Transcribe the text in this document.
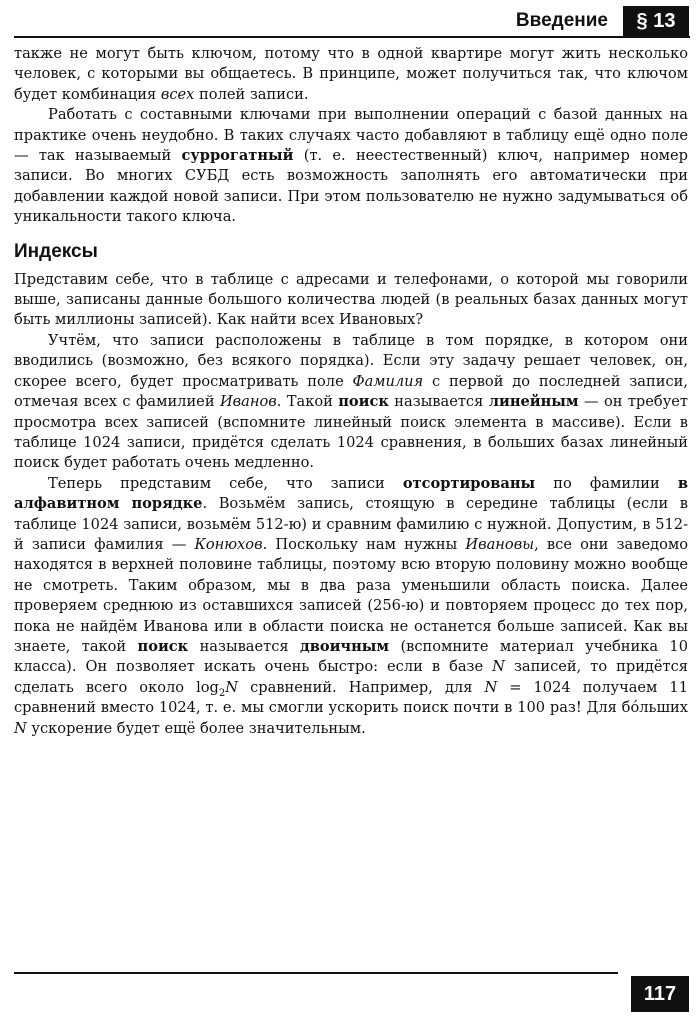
Введение	§ 13

также не могут быть ключом, потому что в одной квартире могут жить несколько человек, с которыми вы общаетесь. В принципе, может получиться так, что ключом будет комбинация всех полей записи.

Работать с составными ключами при выполнении операций с базой данных на практике очень неудобно. В таких случаях часто добавляют в таблицу ещё одно поле — так называемый суррогатный (т. е. неестественный) ключ, например номер записи. Во многих СУБД есть возможность заполнять его автоматически при добавлении каждой новой записи. При этом пользователю не нужно задумываться об уникальности такого ключа.

Индексы

Представим себе, что в таблице с адресами и телефонами, о которой мы говорили выше, записаны данные большого количества людей (в реальных базах данных могут быть миллионы записей). Как найти всех Ивановых?

Учтём, что записи расположены в таблице в том порядке, в котором они вводились (возможно, без всякого порядка). Если эту задачу решает человек, он, скорее всего, будет просматривать поле Фамилия с первой до последней записи, отмечая всех с фамилией Иванов. Такой поиск называется линейным — он требует просмотра всех записей (вспомните линейный поиск элемента в массиве). Если в таблице 1024 записи, придётся сделать 1024 сравнения, в больших базах линейный поиск будет работать очень медленно.

Теперь представим себе, что записи отсортированы по фамилии в алфавитном порядке. Возьмём запись, стоящую в середине таблицы (если в таблице 1024 записи, возьмём 512-ю) и сравним фамилию с нужной. Допустим, в 512-й записи фамилия — Конюхов. Поскольку нам нужны Ивановы, все они заведомо находятся в верхней половине таблицы, поэтому всю вторую половину можно вообще не смотреть. Таким образом, мы в два раза уменьшили область поиска. Далее проверяем среднюю из оставшихся записей (256-ю) и повторяем процесс до тех пор, пока не найдём Иванова или в области поиска не останется больше записей. Как вы знаете, такой поиск называется двоичным (вспомните материал учебника 10 класса). Он позволяет искать очень быстро: если в базе N записей, то придётся сделать всего около $\log_2N$ сравнений. Например, для N = 1024 получаем 11 сравнений вместо 1024, т. е. мы смогли ускорить поиск почти в 100 раз! Для бóльших N ускорение будет ещё более значительным.

117
